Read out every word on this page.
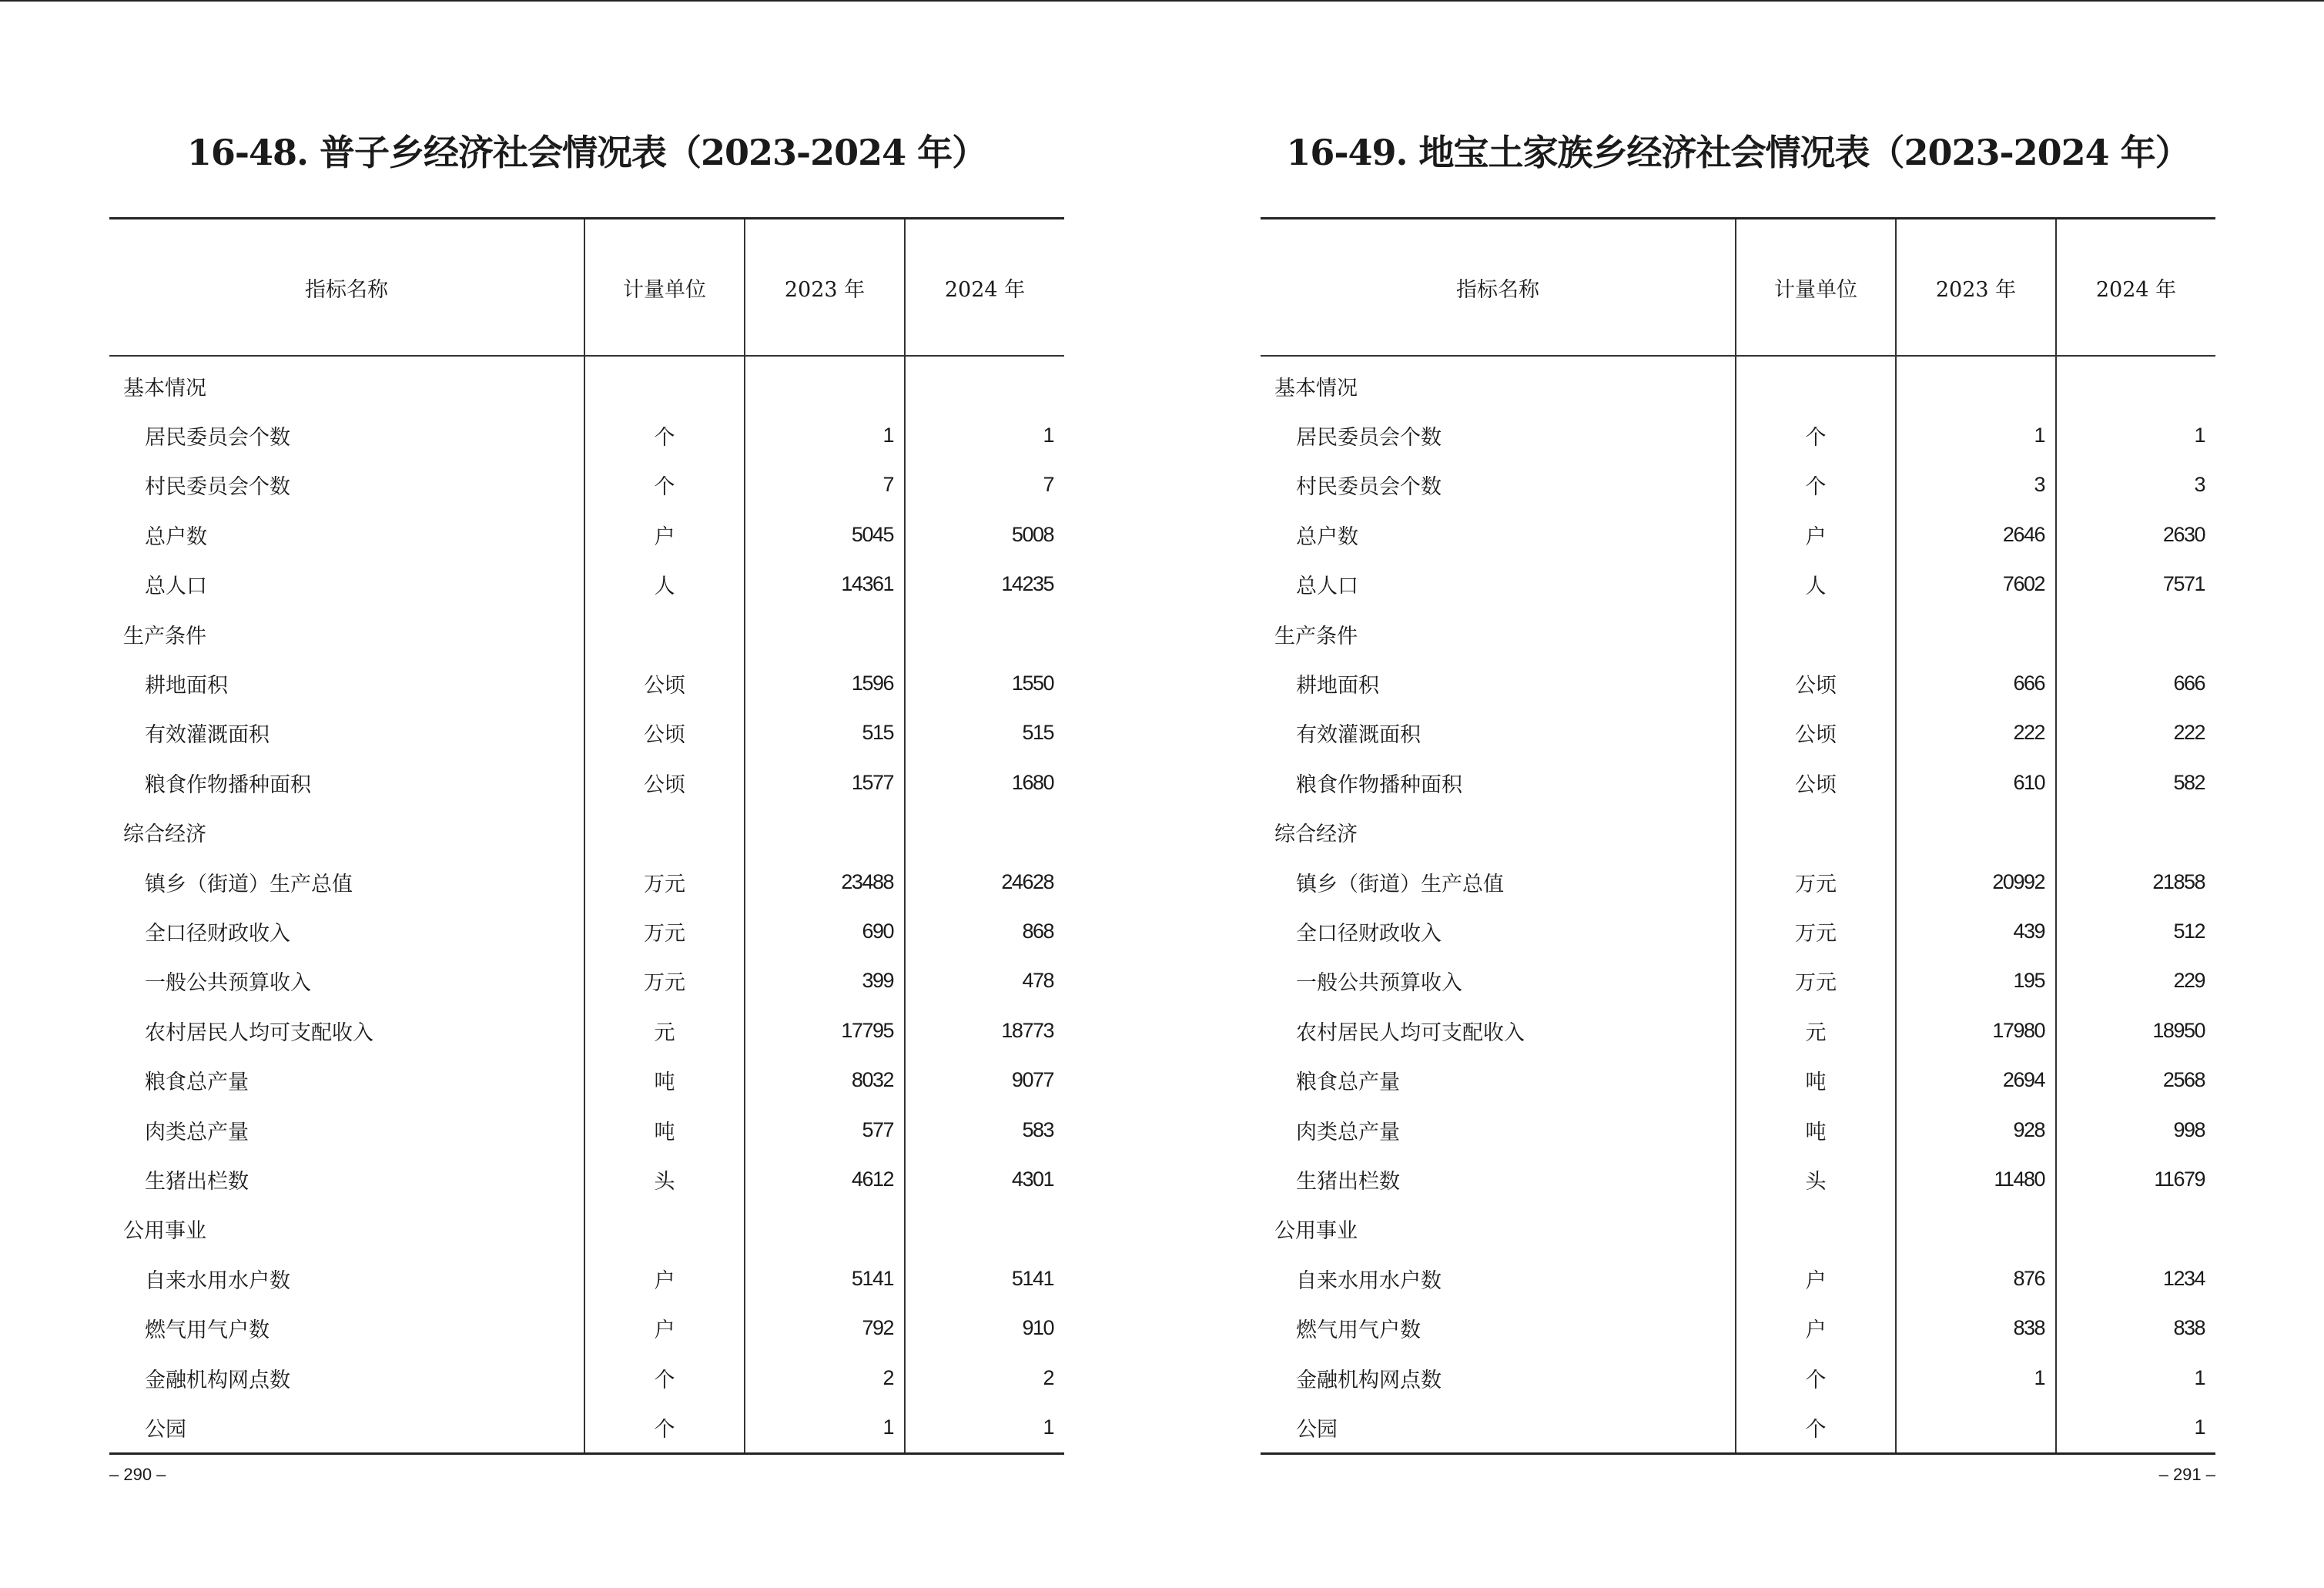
16-48. 普子乡经济社会情况表（2023-2024 年）
指标名称	计量单位	2023 年	2024 年
基本情况			
居民委员会个数	个	1	1
村民委员会个数	个	7	7
总户数	户	5045	5008
总人口	人	14361	14235
生产条件			
耕地面积	公顷	1596	1550
有效灌溉面积	公顷	515	515
粮食作物播种面积	公顷	1577	1680
综合经济			
镇乡（街道）生产总值	万元	23488	24628
全口径财政收入	万元	690	868
一般公共预算收入	万元	399	478
农村居民人均可支配收入	元	17795	18773
粮食总产量	吨	8032	9077
肉类总产量	吨	577	583
生猪出栏数	头	4612	4301
公用事业			
自来水用水户数	户	5141	5141
燃气用气户数	户	792	910
金融机构网点数	个	2	2
公园	个	1	1
– 290 –
16-49. 地宝土家族乡经济社会情况表（2023-2024 年）
指标名称	计量单位	2023 年	2024 年
基本情况			
居民委员会个数	个	1	1
村民委员会个数	个	3	3
总户数	户	2646	2630
总人口	人	7602	7571
生产条件			
耕地面积	公顷	666	666
有效灌溉面积	公顷	222	222
粮食作物播种面积	公顷	610	582
综合经济			
镇乡（街道）生产总值	万元	20992	21858
全口径财政收入	万元	439	512
一般公共预算收入	万元	195	229
农村居民人均可支配收入	元	17980	18950
粮食总产量	吨	2694	2568
肉类总产量	吨	928	998
生猪出栏数	头	11480	11679
公用事业			
自来水用水户数	户	876	1234
燃气用气户数	户	838	838
金融机构网点数	个	1	1
公园	个		1
– 291 –
